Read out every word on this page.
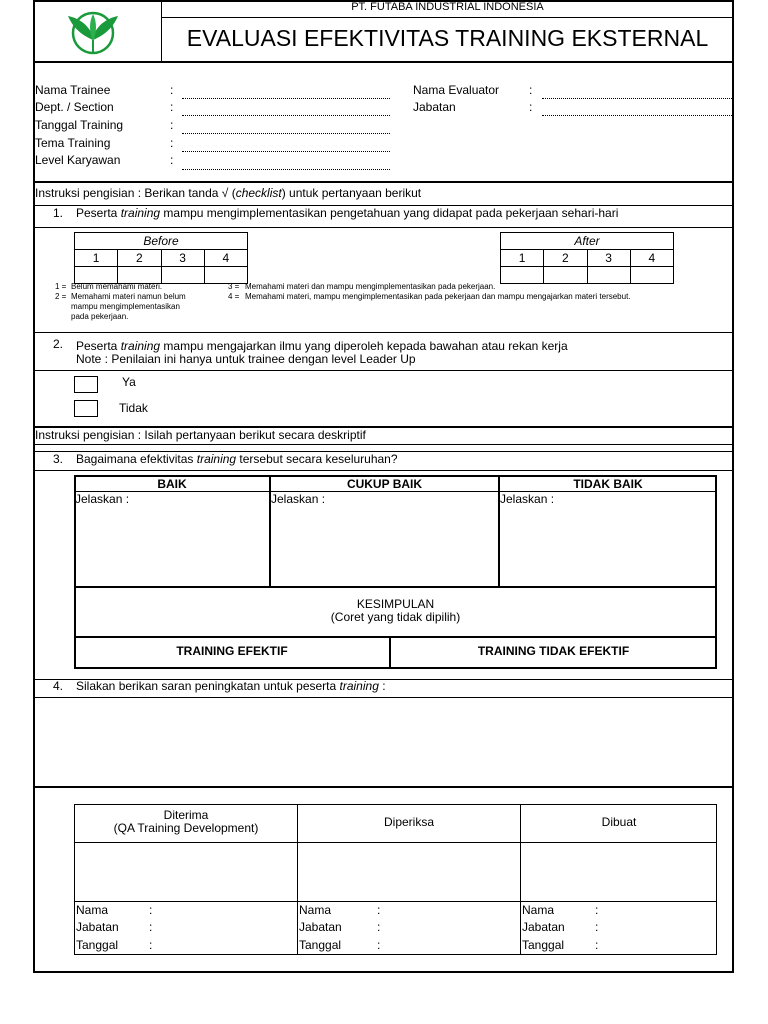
PT. FUTABA INDUSTRIAL INDONESIA
EVALUASI EFEKTIVITAS TRAINING EKSTERNAL
Nama Trainee	:
Dept. / Section	:
Tanggal Training	:
Tema Training	:
Level Karyawan	:
Nama Evaluator :
Jabatan	:
Instruksi pengisian : Berikan tanda √ (checklist) untuk pertanyaan berikut
1. Peserta training mampu mengimplementasikan pengetahuan yang didapat pada pekerjaan sehari-hari
Before			
1	2	3	4

After			
1	2	3	4

1 = Belum memahami materi.
2 = Memahami materi namun belum
mampu mengimplementasikan
pada pekerjaan.
3 = Memahami materi dan mampu mengimplementasikan pada pekerjaan.
4 = Memahami materi, mampu mengimplementasikan pada pekerjaan dan mampu mengajarkan materi tersebut.
2. Peserta training mampu mengajarkan ilmu yang diperoleh kepada bawahan atau rekan kerja
Note : Penilaian ini hanya untuk trainee dengan level Leader Up
Ya
Tidak
Instruksi pengisian : Isilah pertanyaan berikut secara deskriptif
3. Bagaimana efektivitas training tersebut secara keseluruhan?
BAIK	CUKUP BAIK	TIDAK BAIK
Jelaskan :	Jelaskan :	Jelaskan :
KESIMPULAN
(Coret yang tidak dipilih)
TRAINING EFEKTIF	TRAINING TIDAK EFEKTIF
4. Silakan berikan saran peningkatan untuk peserta training :
Diterima
(QA Training Development)	Diperiksa	Dibuat
Nama	:
Jabatan	:
Tanggal	:
Nama	:
Jabatan	:
Tanggal	:
Nama	:
Jabatan	:
Tanggal	:
